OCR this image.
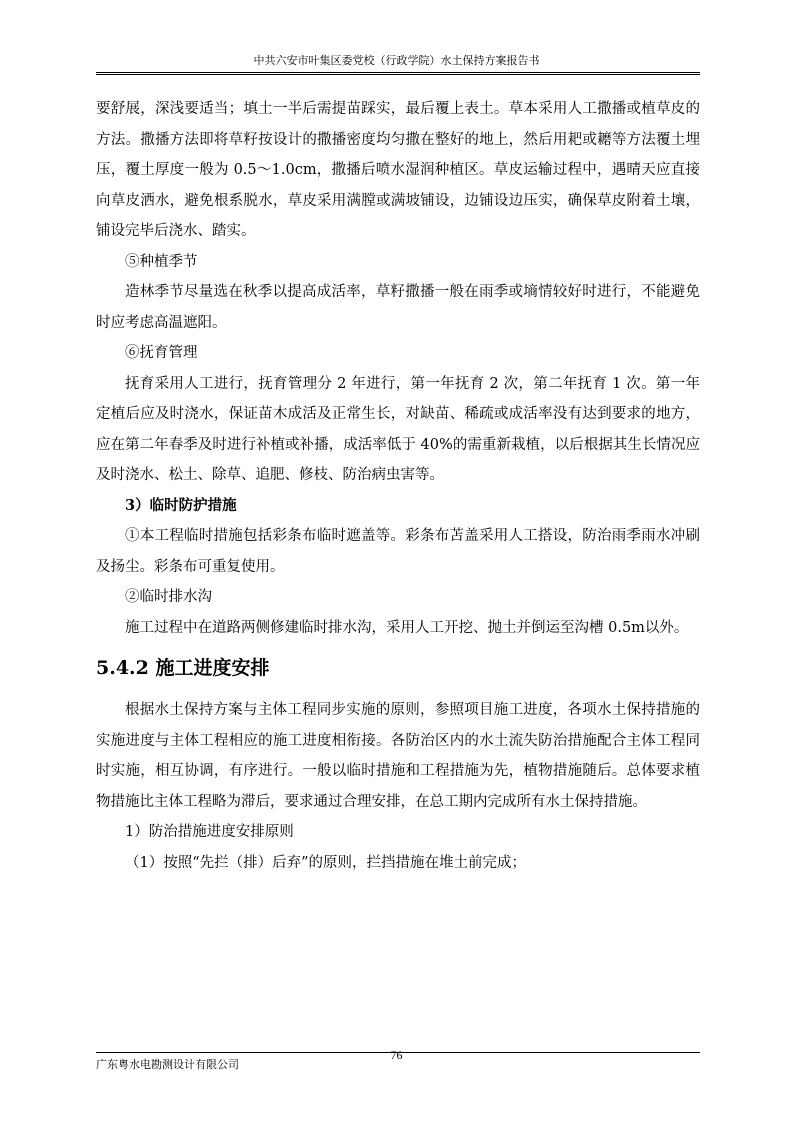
中共六安市叶集区委党校（行政学院）水土保持方案报告书

要舒展，深浅要适当；填土一半后需提苗踩实，最后覆上表土。草本采用人工撒播或植草皮的方法。撒播方法即将草籽按设计的撒播密度均匀撒在整好的地上，然后用耙或耱等方法覆土埋压，覆土厚度一般为 0.5～1.0cm，撒播后喷水湿润种植区。草皮运输过程中，遇晴天应直接向草皮洒水，避免根系脱水，草皮采用满膛或满坡铺设，边铺设边压实，确保草皮附着土壤，铺设完毕后浇水、踏实。

⑤种植季节

造林季节尽量选在秋季以提高成活率，草籽撒播一般在雨季或墒情较好时进行，不能避免时应考虑高温遮阳。

⑥抚育管理

抚育采用人工进行，抚育管理分 2 年进行，第一年抚育 2 次，第二年抚育 1 次。第一年定植后应及时浇水，保证苗木成活及正常生长，对缺苗、稀疏或成活率没有达到要求的地方，应在第二年春季及时进行补植或补播，成活率低于 40%的需重新栽植，以后根据其生长情况应及时浇水、松土、除草、追肥、修枝、防治病虫害等。

3）临时防护措施

①本工程临时措施包括彩条布临时遮盖等。彩条布苫盖采用人工搭设，防治雨季雨水冲刷及扬尘。彩条布可重复使用。

②临时排水沟

施工过程中在道路两侧修建临时排水沟，采用人工开挖、抛土并倒运至沟槽 0.5m以外。

5.4.2 施工进度安排

根据水土保持方案与主体工程同步实施的原则，参照项目施工进度，各项水土保持措施的实施进度与主体工程相应的施工进度相衔接。各防治区内的水土流失防治措施配合主体工程同时实施，相互协调，有序进行。一般以临时措施和工程措施为先，植物措施随后。总体要求植物措施比主体工程略为滞后，要求通过合理安排，在总工期内完成所有水土保持措施。

1）防治措施进度安排原则

（1）按照“先拦（排）后弃”的原则，拦挡措施在堆土前完成；

广东粤水电勘测设计有限公司
76
